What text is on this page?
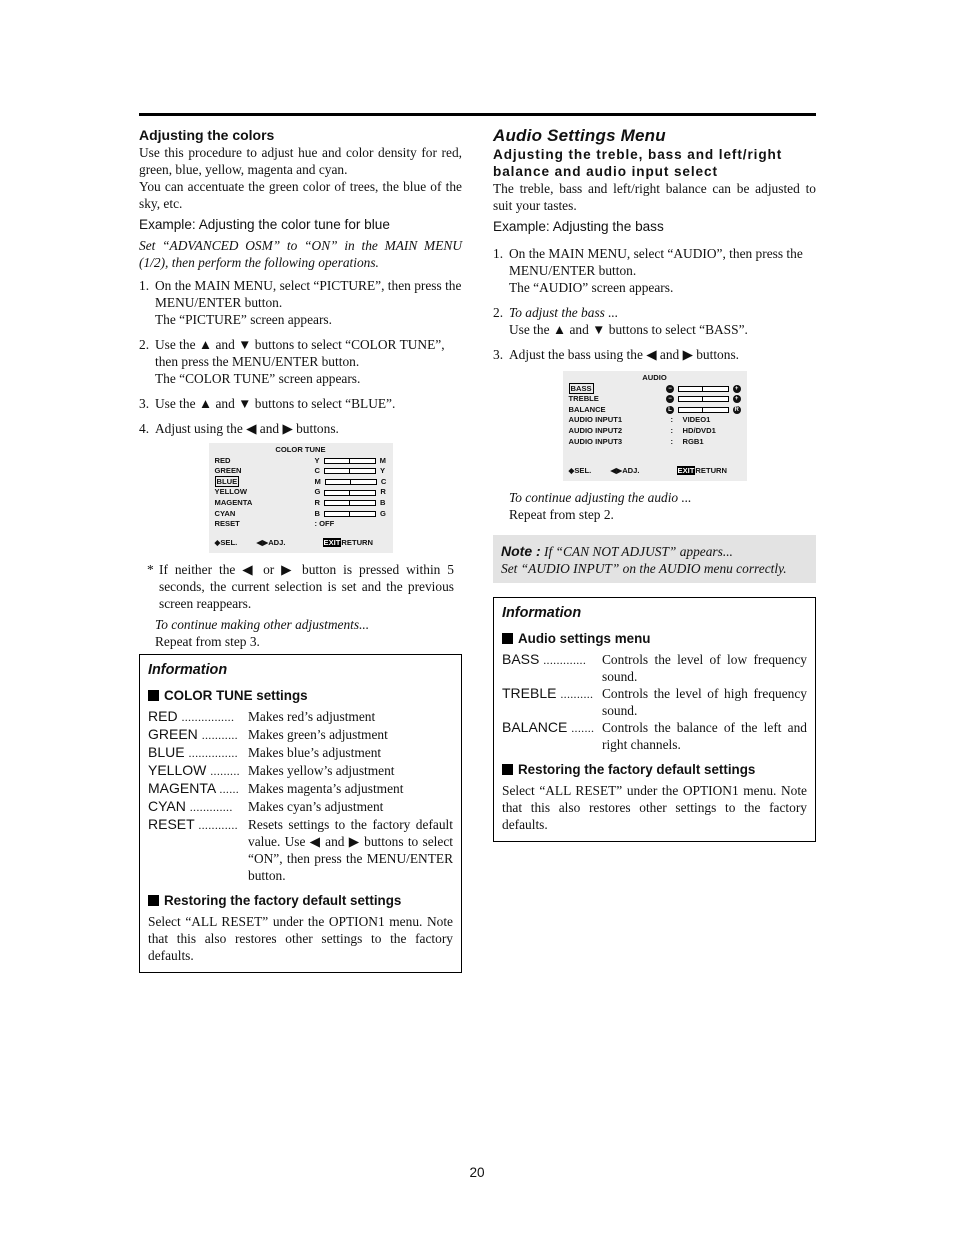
Adjusting the colors

Use this procedure to adjust hue and color density for red, green, blue, yellow, magenta and cyan.

You can accentuate the green color of trees, the blue of the sky, etc.

Example: Adjusting the color tune for blue

Set “ADVANCED OSM” to “ON” in the MAIN MENU (1/2), then perform the following operations.

1. On the MAIN MENU, select “PICTURE”, then press the MENU/ENTER button.
The “PICTURE” screen appears.
2. Use the ▲ and ▼ buttons to select “COLOR TUNE”, then press the MENU/ENTER button.
The “COLOR TUNE” screen appears.
3. Use the ▲ and ▼ buttons to select “BLUE”.
4. Adjust using the ◀ and ▶ buttons.
COLOR TUNE
RED	Y	M
GREEN	C	Y
BLUE	M	C
YELLOW	G	R
MAGENTA	R	B
CYAN	B	G
RESET	: OFF
◆SEL.	◀▶ADJ.	EXITRETURN
* If neither the ◀ or ▶ button is pressed within 5 seconds, the current selection is set and the previous screen reappears.

To continue making other adjustments...

Repeat from step 3.

Information
COLOR TUNE settings
RED ................	Makes red’s adjustment
GREEN ........... Makes green’s adjustment
BLUE ............... Makes blue’s adjustment
YELLOW ......... Makes yellow’s adjustment
MAGENTA ...... Makes magenta’s adjustment
CYAN .............	Makes cyan’s adjustment
RESET ............ Resets settings to the factory default value. Use ◀ and ▶ buttons to select “ON”, then press the MENU/ENTER button.
Restoring the factory default settings

Select “ALL RESET” under the OPTION1 menu. Note that this also restores other settings to the factory defaults.

Audio Settings Menu
Adjusting the treble, bass and left/right balance and audio input select

The treble, bass and left/right balance can be adjusted to suit your tastes.

Example: Adjusting the bass
1. On the MAIN MENU, select “AUDIO”, then press the MENU/ENTER button.
The “AUDIO” screen appears.
2. To adjust the bass ...
Use the ▲ and ▼ buttons to select “BASS”.
3. Adjust the bass using the ◀ and ▶ buttons.
AUDIO
BASS	−	+
TREBLE	−	+
BALANCE	L	R
AUDIO INPUT1	:	VIDEO1
AUDIO INPUT2	:	HD/DVD1
AUDIO INPUT3	:	RGB1
◆SEL.	◀▶ADJ.	EXITRETURN

To continue adjusting the audio ...

Repeat from step 2.

Note : If “CAN NOT ADJUST” appears...
Set “AUDIO INPUT” on the AUDIO menu correctly.
Information
Audio settings menu
BASS .............	Controls the level of low frequency sound.
TREBLE .......... Controls the level of high frequency sound.
BALANCE ....... Controls the balance of the left and right channels.
Restoring the factory default settings

Select “ALL RESET” under the OPTION1 menu. Note that this also restores other settings to the factory defaults.

20
